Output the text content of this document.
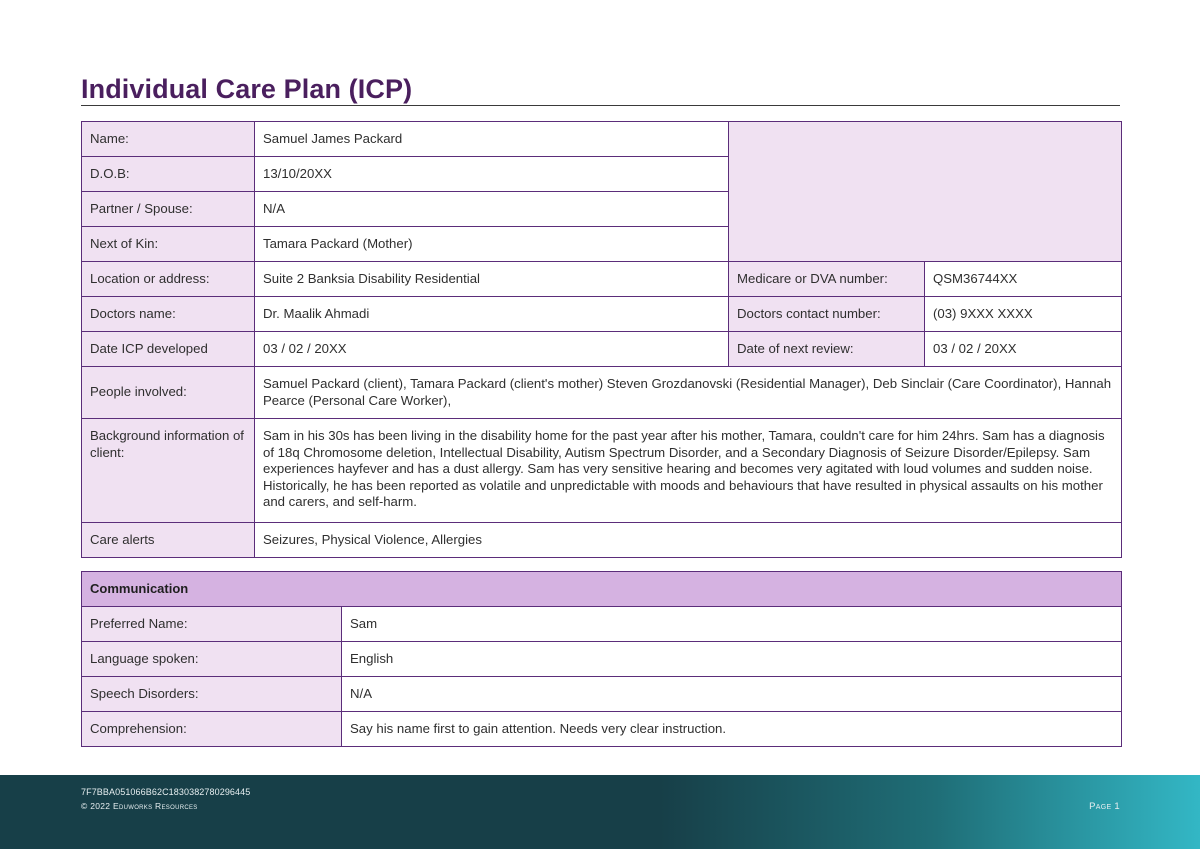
Individual Care Plan (ICP)
Name:	Samuel James Packard		
D.O.B:	13/10/20XX		
Partner / Spouse:	N/A		
Next of Kin:	Tamara Packard (Mother)		
Location or address:	Suite 2 Banksia Disability Residential	Medicare or DVA number:	QSM36744XX
Doctors name:	Dr. Maalik Ahmadi	Doctors contact number:	(03) 9XXX XXXX
Date ICP developed	03 / 02 / 20XX	Date of next review:	03 / 02 / 20XX
People involved:	Samuel Packard (client), Tamara Packard (client's mother) Steven Grozdanovski (Residential Manager), Deb Sinclair (Care Coordinator), Hannah Pearce (Personal Care Worker),		
Background information of client:	Sam in his 30s has been living in the disability home for the past year after his mother, Tamara, couldn't care for him 24hrs. Sam has a diagnosis of 18q Chromosome deletion, Intellectual Disability, Autism Spectrum Disorder, and a Secondary Diagnosis of Seizure Disorder/Epilepsy. Sam experiences hayfever and has a dust allergy. Sam has very sensitive hearing and becomes very agitated with loud volumes and sudden noise. Historically, he has been reported as volatile and unpredictable with moods and behaviours that have resulted in physical assaults on his mother and carers, and self-harm.		
Care alerts	Seizures, Physical Violence, Allergies		
Communication	
Preferred Name:	Sam
Language spoken:	English
Speech Disorders:	N/A
Comprehension:	Say his name first to gain attention. Needs very clear instruction.
7F7BBA051066B62C1830382780296445
© 2022 Eduworks Resources	Page 1
